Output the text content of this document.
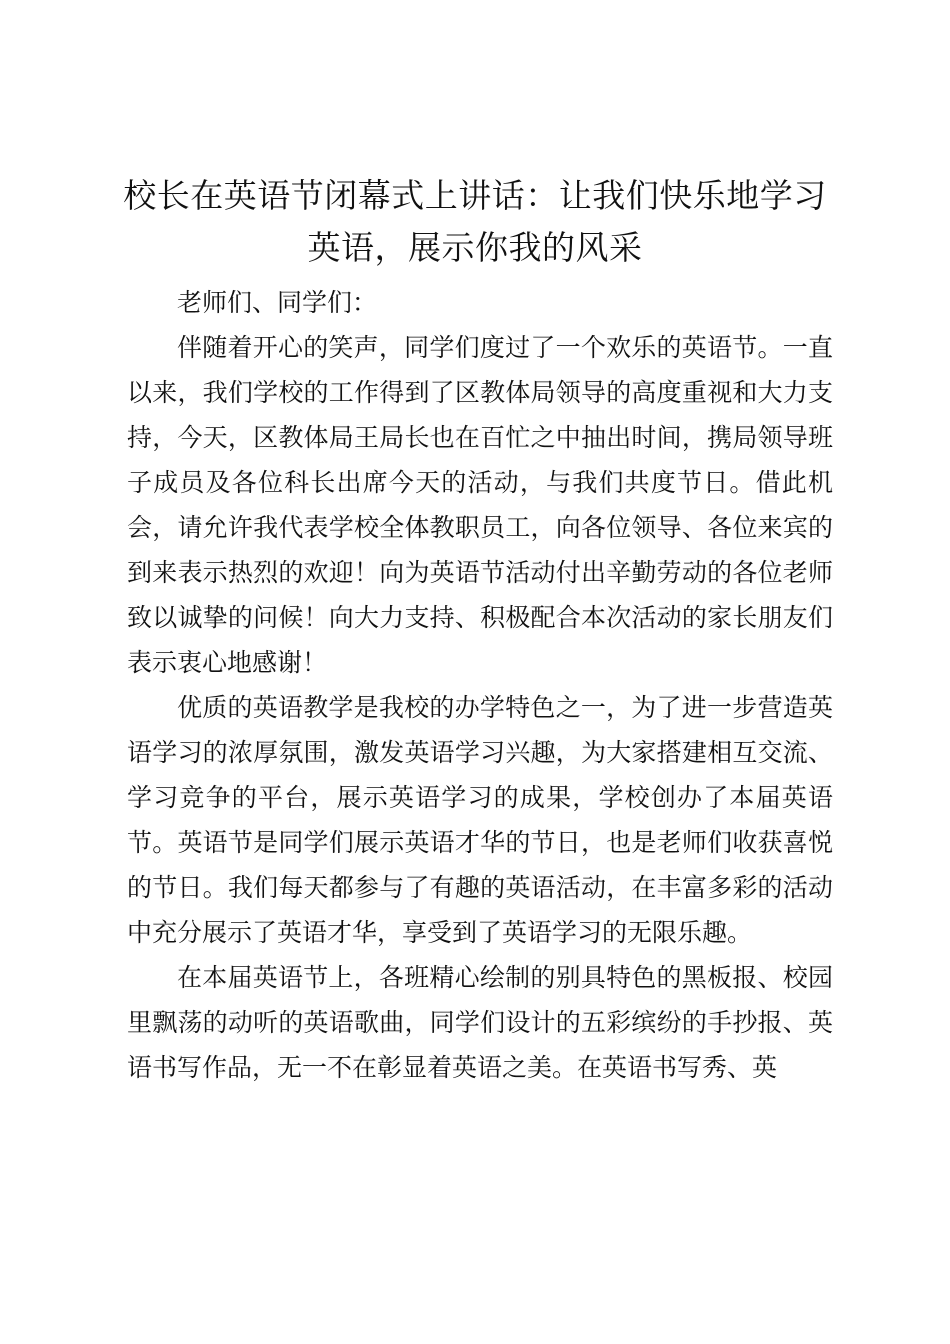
校长在英语节闭幕式上讲话：让我们快乐地学习英语，展示你我的风采

老师们、同学们：

伴随着开心的笑声，同学们度过了一个欢乐的英语节。一直以来，我们学校的工作得到了区教体局领导的高度重视和大力支持，今天，区教体局王局长也在百忙之中抽出时间，携局领导班子成员及各位科长出席今天的活动，与我们共度节日。借此机会，请允许我代表学校全体教职员工，向各位领导、各位来宾的到来表示热烈的欢迎！向为英语节活动付出辛勤劳动的各位老师致以诚挚的问候！向大力支持、积极配合本次活动的家长朋友们表示衷心地感谢！

优质的英语教学是我校的办学特色之一，为了进一步营造英语学习的浓厚氛围，激发英语学习兴趣，为大家搭建相互交流、学习竞争的平台，展示英语学习的成果，学校创办了本届英语节。英语节是同学们展示英语才华的节日，也是老师们收获喜悦的节日。我们每天都参与了有趣的英语活动，在丰富多彩的活动中充分展示了英语才华，享受到了英语学习的无限乐趣。

在本届英语节上，各班精心绘制的别具特色的黑板报、校园里飘荡的动听的英语歌曲，同学们设计的五彩缤纷的手抄报、英语书写作品，无一不在彰显着英语之美。在英语书写秀、英
